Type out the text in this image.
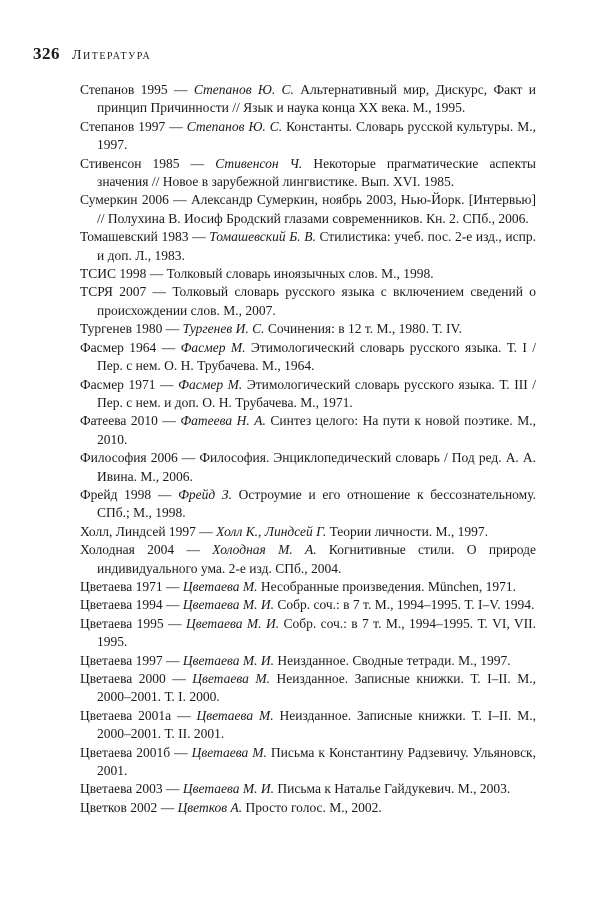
326 Литература
Степанов 1995 — Степанов Ю. С. Альтернативный мир, Дискурс, Факт и принцип Причинности // Язык и наука конца XX века. М., 1995.
Степанов 1997 — Степанов Ю. С. Константы. Словарь русской культуры. М., 1997.
Стивенсон 1985 — Стивенсон Ч. Некоторые прагматические аспекты значения // Новое в зарубежной лингвистике. Вып. XVI. 1985.
Сумеркин 2006 — Александр Сумеркин, ноябрь 2003, Нью-Йорк. [Интервью] // Полухина В. Иосиф Бродский глазами современников. Кн. 2. СПб., 2006.
Томашевский 1983 — Томашевский Б. В. Стилистика: учеб. пос. 2-е изд., испр. и доп. Л., 1983.
ТСИС 1998 — Толковый словарь иноязычных слов. М., 1998.
ТСРЯ 2007 — Толковый словарь русского языка с включением сведений о происхождении слов. М., 2007.
Тургенев 1980 — Тургенев И. С. Сочинения: в 12 т. М., 1980. Т. IV.
Фасмер 1964 — Фасмер М. Этимологический словарь русского языка. Т. I / Пер. с нем. О. Н. Трубачева. М., 1964.
Фасмер 1971 — Фасмер М. Этимологический словарь русского языка. Т. III / Пер. с нем. и доп. О. Н. Трубачева. М., 1971.
Фатеева 2010 — Фатеева Н. А. Синтез целого: На пути к новой поэтике. М., 2010.
Философия 2006 — Философия. Энциклопедический словарь / Под ред. А. А. Ивина. М., 2006.
Фрейд 1998 — Фрейд З. Остроумие и его отношение к бессознательному. СПб.; М., 1998.
Холл, Линдсей 1997 — Холл К., Линдсей Г. Теории личности. М., 1997.
Холодная 2004 — Холодная М. А. Когнитивные стили. О природе индивидуального ума. 2-е изд. СПб., 2004.
Цветаева 1971 — Цветаева М. Несобранные произведения. München, 1971.
Цветаева 1994 — Цветаева М. И. Собр. соч.: в 7 т. М., 1994–1995. Т. I–V. 1994.
Цветаева 1995 — Цветаева М. И. Собр. соч.: в 7 т. М., 1994–1995. Т. VI, VII. 1995.
Цветаева 1997 — Цветаева М. И. Неизданное. Сводные тетради. М., 1997.
Цветаева 2000 — Цветаева М. Неизданное. Записные книжки. Т. I–II. М., 2000–2001. Т. I. 2000.
Цветаева 2001а — Цветаева М. Неизданное. Записные книжки. Т. I–II. М., 2000–2001. Т. II. 2001.
Цветаева 2001б — Цветаева М. Письма к Константину Радзевичу. Ульяновск, 2001.
Цветаева 2003 — Цветаева М. И. Письма к Наталье Гайдукевич. М., 2003.
Цветков 2002 — Цветков А. Просто голос. М., 2002.
